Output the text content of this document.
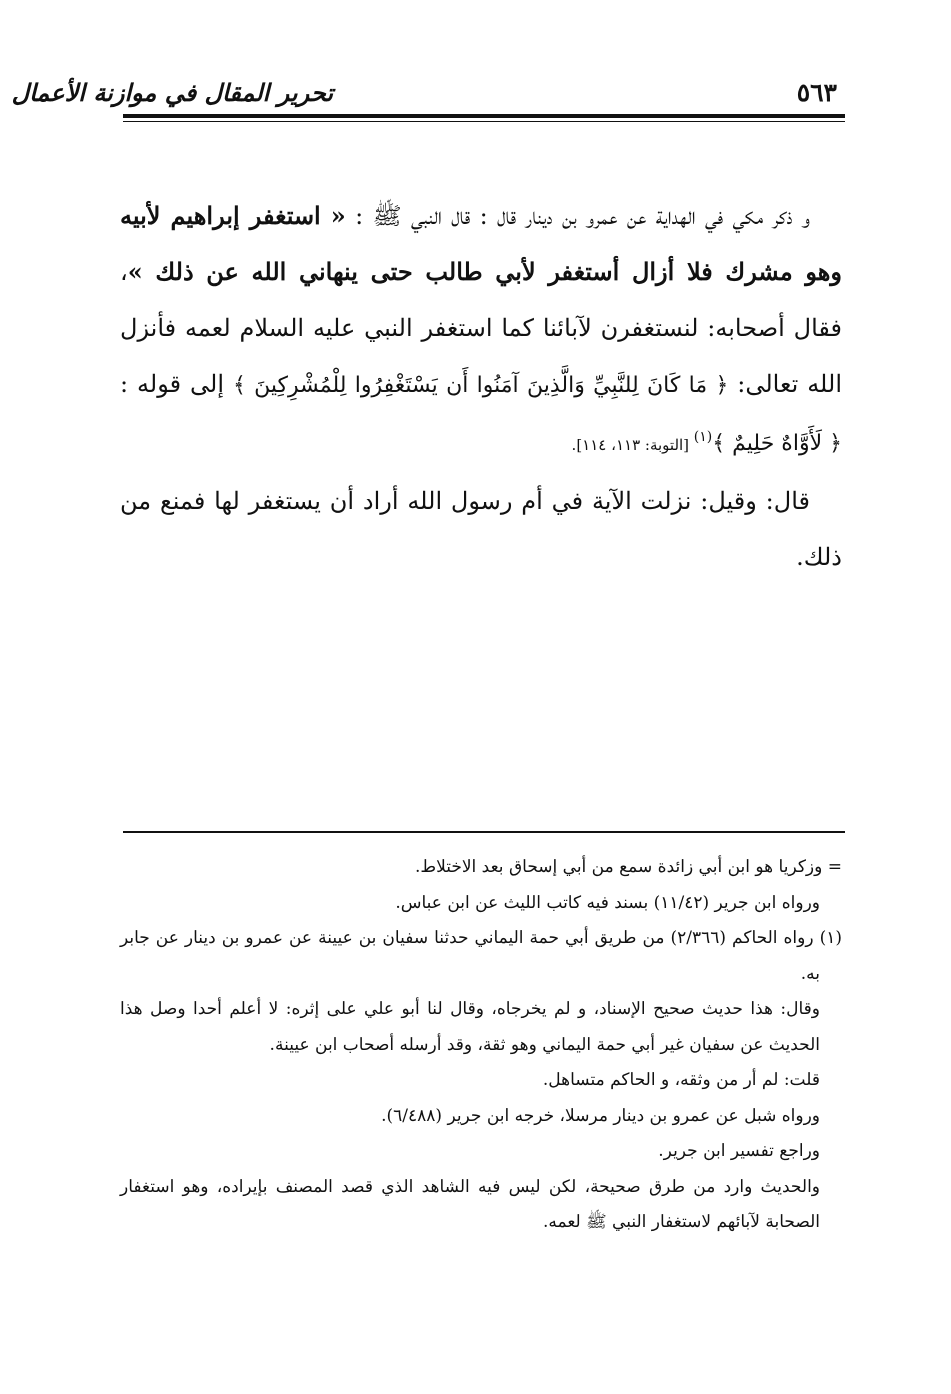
٥٦٣
تحرير المقال في موازنة الأعمال

و ذكر مكي في الهداية عن عمرو بن دينار قال : قال النبي ﷺ : « استغفر إبراهيم لأبيه وهو مشرك فلا أزال أستغفر لأبي طالب حتى ينهاني الله عن ذلك »، فقال أصحابه: لنستغفرن لآبائنا كما استغفر النبي عليه السلام لعمه فأنزل الله تعالى: ﴿ مَا كَانَ لِلنَّبِيِّ وَالَّذِينَ آمَنُوا أَن يَسْتَغْفِرُوا لِلْمُشْرِكِينَ ﴾ إلى قوله : ﴿ لَأَوَّاهٌ حَلِيمٌ ﴾$^{(١)}$ [التوبة: ١١٣، ١١٤].

قال: وقيل: نزلت الآية في أم رسول الله أراد أن يستغفر لها فمنع من ذلك.

= وزكريا هو ابن أبي زائدة سمع من أبي إسحاق بعد الاختلاط.

ورواه ابن جرير (١١/٤٢) بسند فيه كاتب الليث عن ابن عباس.

(١) رواه الحاكم (٢/٣٦٦) من طريق أبي حمة اليماني حدثنا سفيان بن عيينة عن عمرو بن دينار عن جابر به.

وقال: هذا حديث صحيح الإسناد، و لم يخرجاه، وقال لنا أبو علي على إثره: لا أعلم أحدا وصل هذا الحديث عن سفيان غير أبي حمة اليماني وهو ثقة، وقد أرسله أصحاب ابن عيينة.

قلت: لم أر من وثقه، و الحاكم متساهل.

ورواه شبل عن عمرو بن دينار مرسلا، خرجه ابن جرير (٦/٤٨٨).

وراجع تفسير ابن جرير.

والحديث وارد من طرق صحيحة، لكن ليس فيه الشاهد الذي قصد المصنف بإيراده، وهو استغفار الصحابة لآبائهم لاستغفار النبي ﷺ لعمه.
